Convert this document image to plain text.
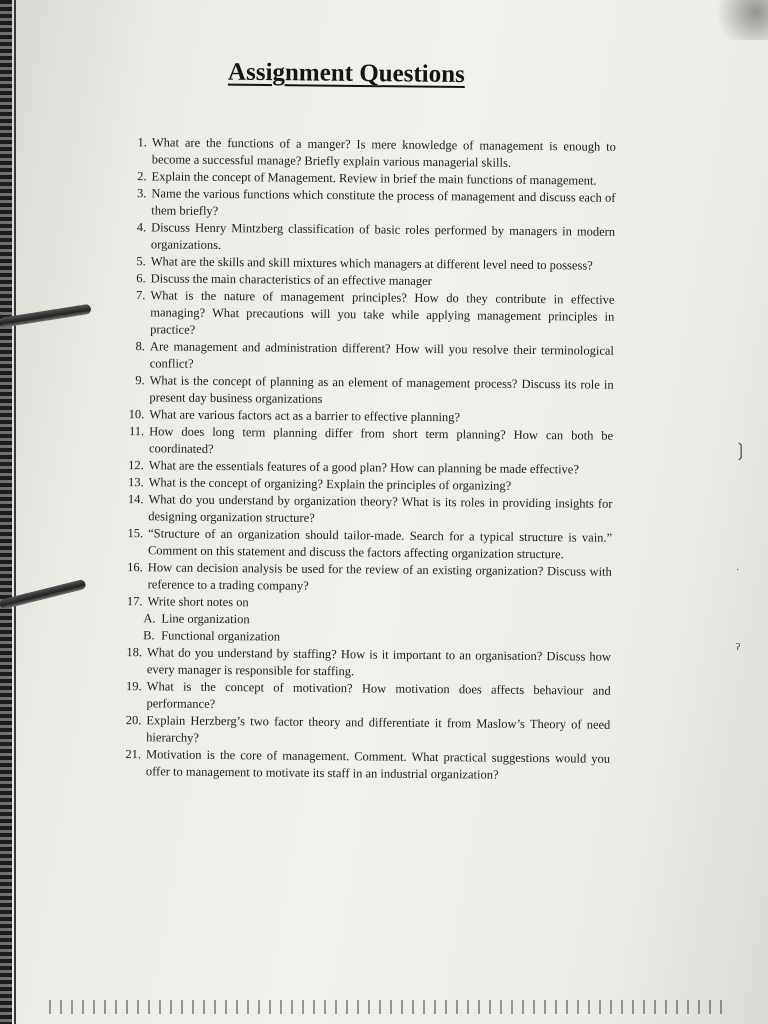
❳
ˀ
·
Assignment Questions
1. What are the functions of a manger? Is mere knowledge of management is enough to become a successful manage? Briefly explain various managerial skills.
2. Explain the concept of Management. Review in brief the main functions of management.
3. Name the various functions which constitute the process of management and discuss each of them briefly?
4. Discuss Henry Mintzberg classification of basic roles performed by managers in modern organizations.
5. What are the skills and skill mixtures which managers at different level need to possess?
6. Discuss the main characteristics of an effective manager
7. What is the nature of management principles? How do they contribute in effective managing? What precautions will you take while applying management principles in practice?
8. Are management and administration different? How will you resolve their terminological conflict?
9. What is the concept of planning as an element of management process? Discuss its role in present day business organizations
10. What are various factors act as a barrier to effective planning?
11. How does long term planning differ from short term planning? How can both be coordinated?
12. What are the essentials features of a good plan? How can planning be made effective?
13. What is the concept of organizing? Explain the principles of organizing?
14. What do you understand by organization theory? What is its roles in providing insights for designing organization structure?
15. “Structure of an organization should tailor-made. Search for a typical structure is vain.” Comment on this statement and discuss the factors affecting organization structure.
16. How can decision analysis be used for the review of an existing organization? Discuss with reference to a trading company?
17. Write short notes on
A. Line organization
B. Functional organization
18. What do you understand by staffing? How is it important to an organisation? Discuss how every manager is responsible for staffing.
19. What is the concept of motivation? How motivation does affects behaviour and performance?
20. Explain Herzberg’s two factor theory and differentiate it from Maslow’s Theory of need hierarchy?
21. Motivation is the core of management. Comment. What practical suggestions would you offer to management to motivate its staff in an industrial organization?
